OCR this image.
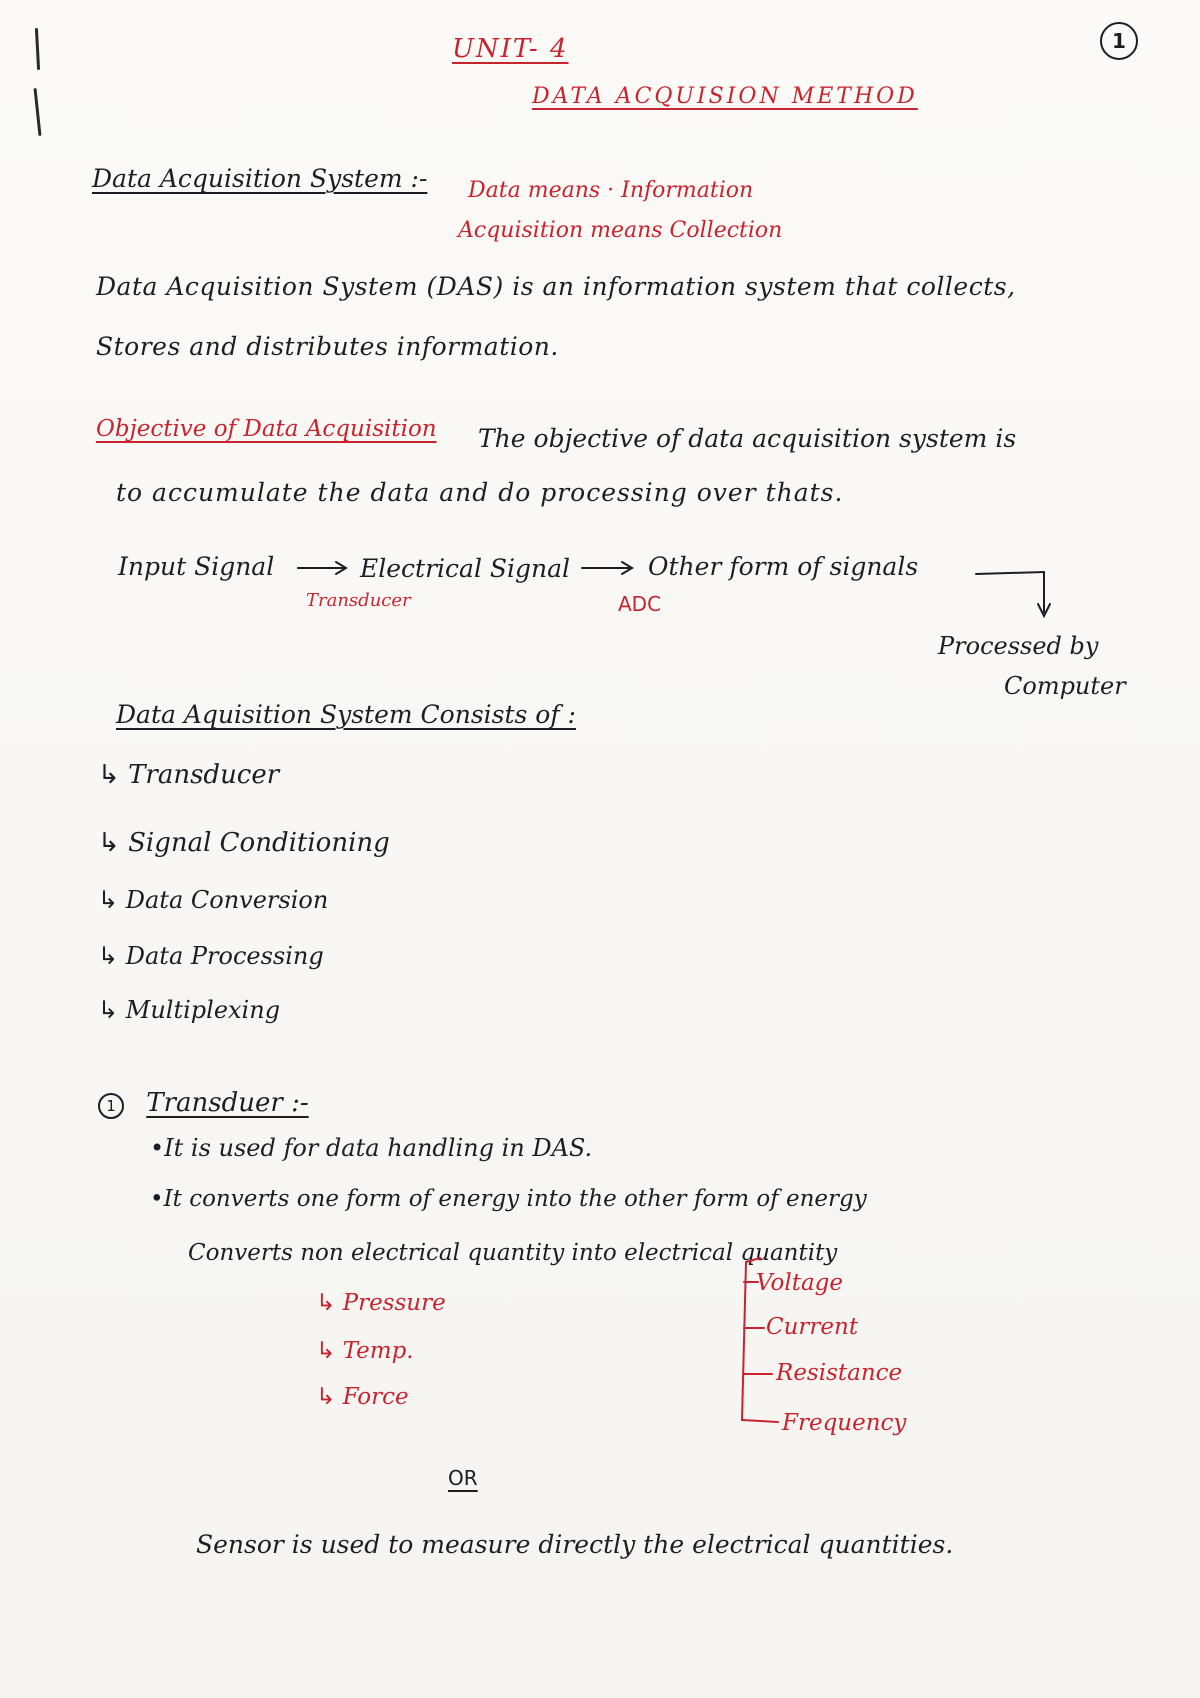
1
UNIT- 4
DATA ACQUISION METHOD
Data Acquisition System :- Data means · Information
Acquisition means Collection
Data Acquisition System (DAS) is an information system that collects,
Stores and distributes information.
Objective of Data Acquisition The objective of data acquisition system is
to accumulate the data and do processing over thats.
Input Signal	Electrical Signal	Other form of signals
Transducer	ADC
Processed by
Computer
Data Aquisition System Consists of :
↳ Transducer
↳ Signal Conditioning
↳ Data Conversion
↳ Data Processing
↳ Multiplexing
1 Transduer :-
•It is used for data handling in DAS.
•It converts one form of energy into the other form of energy
Converts non electrical quantity into electrical quantity
↳ Pressure
↳ Temp.
↳ Force
Voltage
Current
Resistance
Frequency
OR
Sensor is used to measure directly the electrical quantities.
